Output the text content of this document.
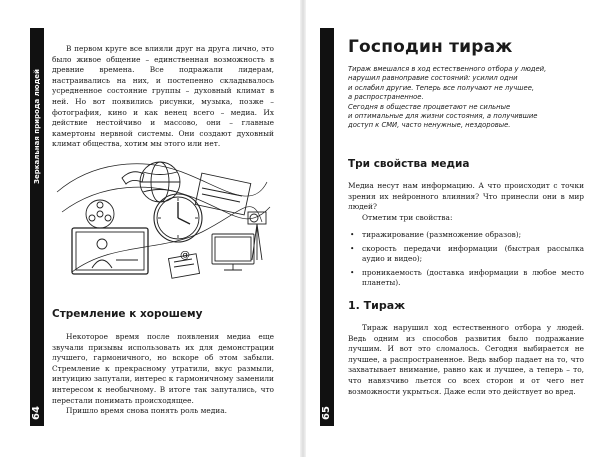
Зеркальная природа людей
64

В первом круге все влияли друг на друга лично, это было живое общение – единственная возможность в древние времена. Все подражали лидерам, настраивались на них, и постепенно складывалось усредненное состояние группы – духовный климат в ней. Но вот появились рисунки, музыка, позже – фотография, кино и как венец всего – медиа. Их действие нестойчиво и массово, они – главные камертоны нервной системы. Они создают духовный климат общества, хотим мы этого или нет.

@
Стремление к хорошему

Некоторое время после появления медиа еще звучали призывы использовать их для демонстрации лучшего, гармоничного, но вскоре об этом забыли. Стремление к прекрасному утратили, вкус размыли, интуицию запутали, интерес к гармоничному заменили интересом к необычному. В итоге так запутались, что перестали понимать происходящее.

Пришло время снова понять роль медиа.	65
Господин тираж
Тираж вмешался в ход естественного отбора у людей,
нарушил равноправие состояний: усилил одни
и ослабил другие. Теперь все получают не лучшее,
а распространенное.
Сегодня в обществе процветают не сильные
и оптимальные для жизни состояния, а получившие
доступ к СМИ, часто ненужные, нездоровые.
Три свойства медиа

Медиа несут нам информацию. А что происходит с точки зрения их нейронного влияния? Что принесли они в мир людей?

Отметим три свойства:

• тиражирование (размножение образов);
• скорость передачи информации (быстрая рассылка аудио и видео);
• проникаемость (доставка информации в любое место планеты).
1. Тираж

Тираж нарушил ход естественного отбора у людей. Ведь одним из способов развития было подражание лучшим. И вот это сломалось. Сегодня выбирается не лучшее, а распространенное. Ведь выбор падает на то, что захватывает внимание, равно как и лучшее, а теперь – то, что навязчиво льется со всех сторон и от чего нет возможности укрыться. Даже если это действует во вред.
